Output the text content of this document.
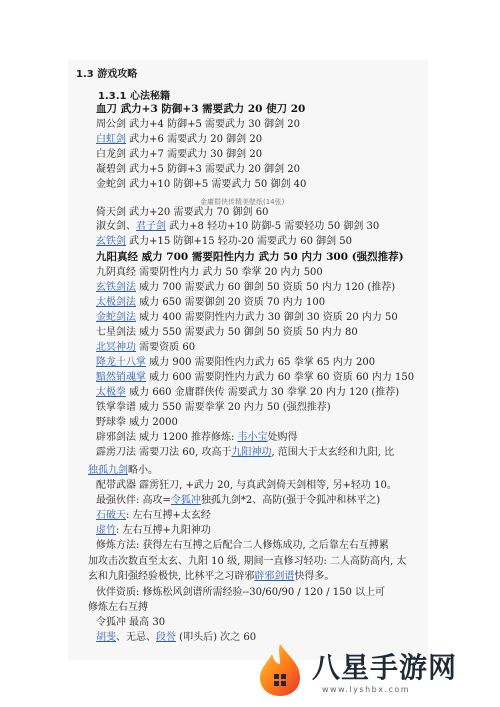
1.3 游戏攻略
1.3.1 心法秘籍
血刀 武力+3 防御+3 需要武力 20 使刀 20
周公剑 武力+4 防御+5 需要武力 30 御剑 20
白虹剑 武力+6 需要武力 20 御剑 20
白龙剑 武力+7 需要武力 30 御剑 20
凝碧剑 武力+5 防御+3 需要武力 20 御剑 20
金蛇剑 武力+10 防御+5 需要武力 50 御剑 40
倚天剑 武力+20 需要武力 70 御剑 60
淑女剑、君子剑 武力+8 轻功+10 防御-5 需要轻功 50 御剑 30
玄铁剑 武力+15 防御+15 轻功-20 需要武力 60 御剑 50
九阳真经 威力 700 需要阳性内力 武力 50 内力 300 (强烈推荐)
九阴真经 需要阴性内力 武力 50 拳掌 20 内力 500
玄铁剑法 威力 700 需要武力 60 御剑 50 资质 50 内力 120 (推荐)
太极剑法 威力 650 需要御剑 20 资质 70 内力 100
金蛇剑法 威力 400 需要阴性内力武力 30 御剑 30 资质 20 内力 50
七星剑法 威力 550 需要武力 50 御剑 50 资质 50 内力 80
北冥神功 需要资质 60
降龙十八掌 威力 900 需要阳性内力武力 65 拳掌 65 内力 200
黯然销魂掌 威力 600 需要阴性内力武力 60 拳掌 60 资质 60 内力 150
太极拳 威力 660 金庸群侠传 需要武力 30 拳掌 20 内力 120 (推荐)
铁掌拳谱 威力 550 需要拳掌 20 内力 50 (强烈推荐)
野球拳 威力 2000
辟邪剑法 威力 1200 推荐修炼: 韦小宝处购得
霹雳刀法 需要刀法 60, 攻高于九阳神功, 范围大于太玄经和九阳, 比
独孤九剑略小。
配带武器 霹雳狂刀, +武力 20, 与真武剑倚天剑相等, 另+轻功 10。
最强伙伴: 高攻=令狐冲独孤九剑*2、高防(强于令狐冲和林平之)
石破天: 左右互搏+太玄经
虚竹: 左右互搏+九阳神功
修炼方法: 获得左右互搏之后配合二人修炼成功, 之后靠左右互搏累
加攻击次数直至太玄、九阳 10 级, 期间一直修习轻功: 二人高防高内, 太
玄和九阳强经验极快, 比林平之习辟邪辟邪剑谱快得多。
伙伴资质: 修炼松风剑谱所需经验--30/60/90 / 120 / 150 以上可
修炼左右互搏
令狐冲 最高 30
胡斐、无忌、段誉 (叩头后) 次之 60
金庸群侠传精美壁纸(14张)
八星手游网
www.lyshbx.com
